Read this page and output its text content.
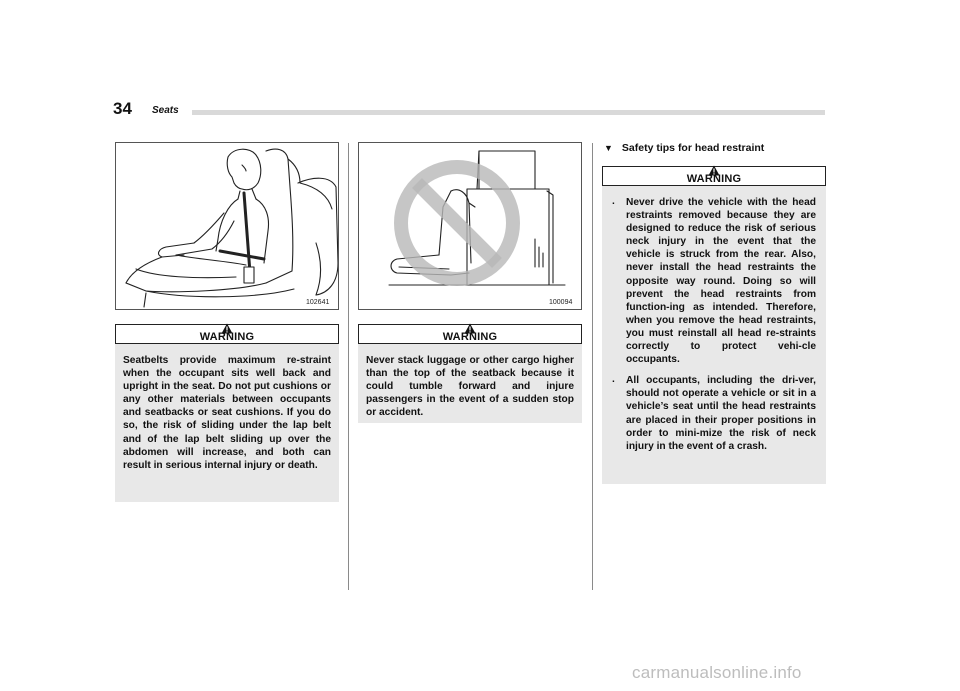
34 Seats
102641	100094
WARNING
Seatbelts provide maximum re-straint when the occupant sits well back and upright in the seat. Do not put cushions or any other materials between occupants and seatbacks or seat cushions. If you do so, the risk of sliding under the lap belt and of the lap belt sliding up over the abdomen will increase, and both can result in serious internal injury or death.
WARNING
Never stack luggage or other cargo higher than the top of the seatback because it could tumble forward and injure passengers in the event of a sudden stop or accident.
▼ Safety tips for head restraint
WARNING
. Never drive the vehicle with the head restraints removed because they are designed to reduce the risk of serious neck injury in the event that the vehicle is struck from the rear. Also, never install the head restraints the opposite way round. Doing so will prevent the head restraints from function-ing as intended. Therefore, when you remove the head restraints, you must reinstall all head re-straints correctly to protect vehi-cle occupants.
. All occupants, including the dri-ver, should not operate a vehicle or sit in a vehicle’s seat until the head restraints are placed in their proper positions in order to mini-mize the risk of neck injury in the event of a crash.
carmanualsonline.info
